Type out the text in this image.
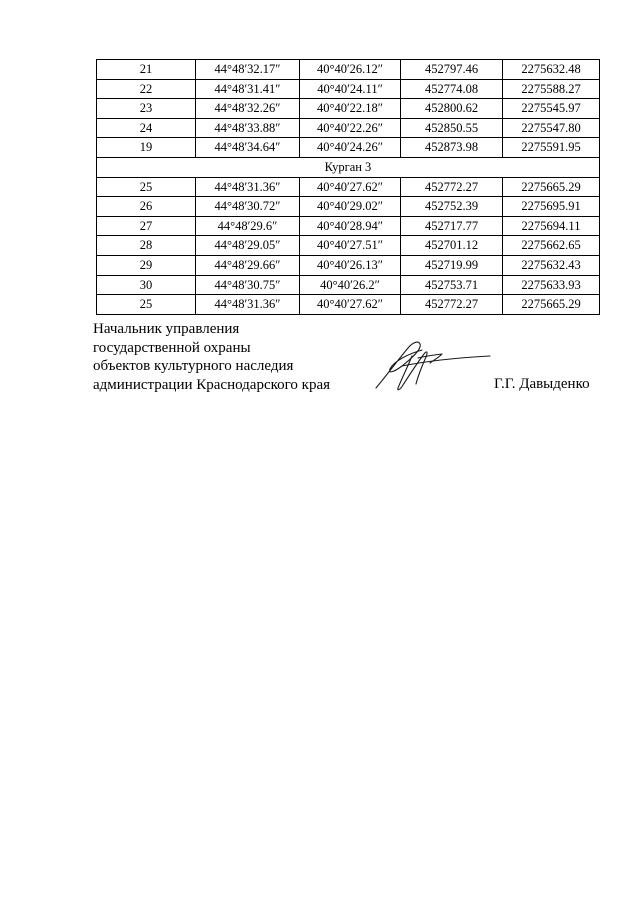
21	44°48′32.17″	40°40′26.12″	452797.46	2275632.48
22	44°48′31.41″	40°40′24.11″	452774.08	2275588.27
23	44°48′32.26″	40°40′22.18″	452800.62	2275545.97
24	44°48′33.88″	40°40′22.26″	452850.55	2275547.80
19	44°48′34.64″	40°40′24.26″	452873.98	2275591.95
Курган 3				
25	44°48′31.36″	40°40′27.62″	452772.27	2275665.29
26	44°48′30.72″	40°40′29.02″	452752.39	2275695.91
27	44°48′29.6″	40°40′28.94″	452717.77	2275694.11
28	44°48′29.05″	40°40′27.51″	452701.12	2275662.65
29	44°48′29.66″	40°40′26.13″	452719.99	2275632.43
30	44°48′30.75″	40°40′26.2″	452753.71	2275633.93
25	44°48′31.36″	40°40′27.62″	452772.27	2275665.29
Начальник управления
государственной охраны
объектов культурного наследия
администрации Краснодарского края	Г.Г. Давыденко
